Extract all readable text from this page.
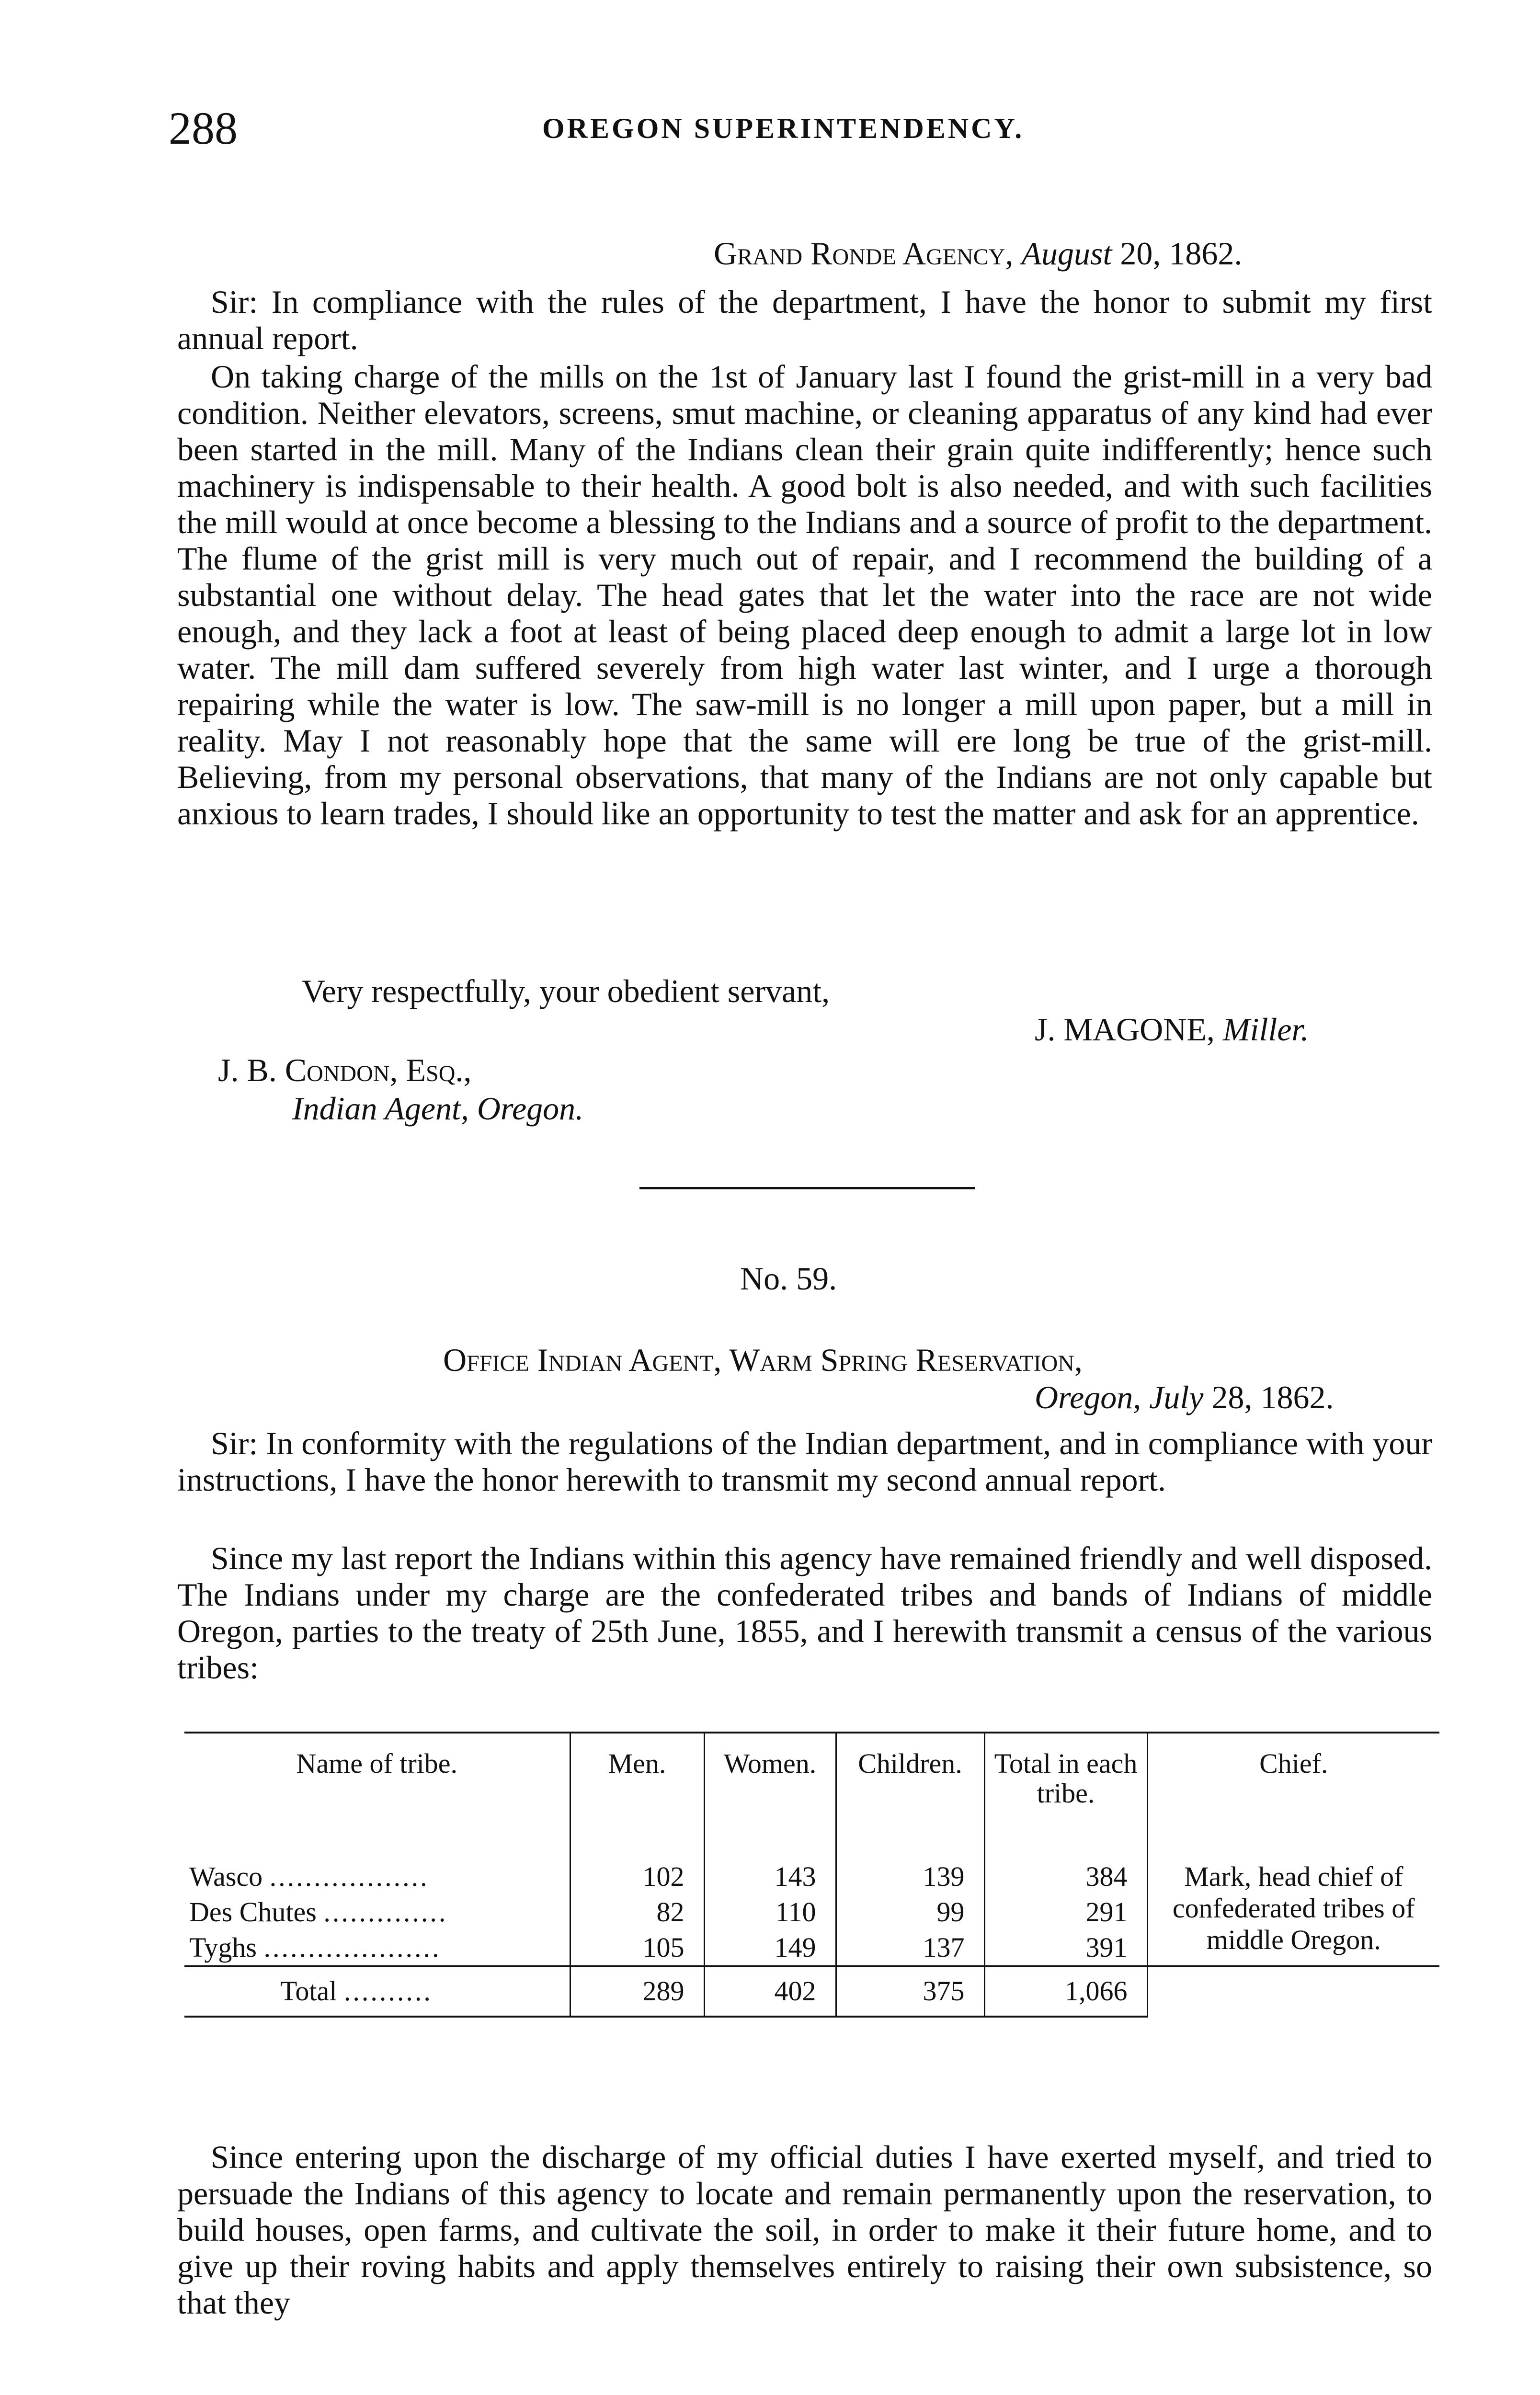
288	OREGON SUPERINTENDENCY.
Grand Ronde Agency, August 20, 1862.
Sir: In compliance with the rules of the department, I have the honor to submit my first annual report.
On taking charge of the mills on the 1st of January last I found the grist-mill in a very bad condition. Neither elevators, screens, smut machine, or cleaning apparatus of any kind had ever been started in the mill. Many of the Indians clean their grain quite indifferently; hence such machinery is indispensable to their health. A good bolt is also needed, and with such facilities the mill would at once become a blessing to the Indians and a source of profit to the department. The flume of the grist mill is very much out of repair, and I recommend the building of a substantial one without delay. The head gates that let the water into the race are not wide enough, and they lack a foot at least of being placed deep enough to admit a large lot in low water. The mill dam suffered severely from high water last winter, and I urge a thorough repairing while the water is low. The saw-mill is no longer a mill upon paper, but a mill in reality. May I not reasonably hope that the same will ere long be true of the grist-mill. Believing, from my personal observations, that many of the Indians are not only capable but anxious to learn trades, I should like an opportunity to test the matter and ask for an apprentice.
Very respectfully, your obedient servant,
J. MAGONE, Miller.
J. B. Condon, Esq.,
Indian Agent, Oregon.
No. 59.
Office Indian Agent, Warm Spring Reservation,
Oregon, July 28, 1862.
Sir: In conformity with the regulations of the Indian department, and in compliance with your instructions, I have the honor herewith to transmit my second annual report.
Since my last report the Indians within this agency have remained friendly and well disposed. The Indians under my charge are the confederated tribes and bands of Indians of middle Oregon, parties to the treaty of 25th June, 1855, and I herewith transmit a census of the various tribes:
Name of tribe.	Men.	Women.	Children.	Total in each tribe.	Chief.
Wasco ..................	102	143	139	384	Mark, head chief of confederated tribes of middle Oregon.
Des Chutes ..............	82	110	99	291	
Tyghs ....................	105	149	137	391	
Total ..........	289	402	375	1,066	
Since entering upon the discharge of my official duties I have exerted myself, and tried to persuade the Indians of this agency to locate and remain permanently upon the reservation, to build houses, open farms, and cultivate the soil, in order to make it their future home, and to give up their roving habits and apply themselves entirely to raising their own subsistence, so that they
